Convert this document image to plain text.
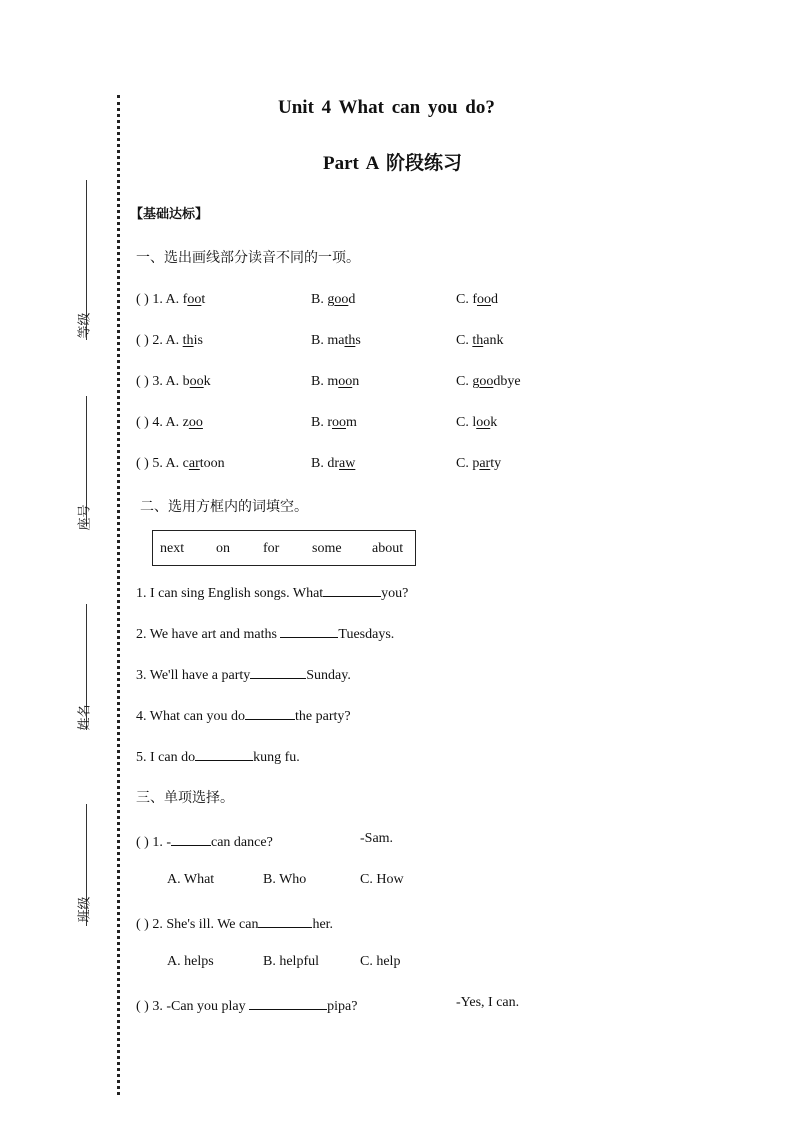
等级
座号
姓名
班级
Unit 4 What can you do?
Part A 阶段练习
【基础达标】
一、选出画线部分读音不同的一项。
( ) 1. A. foot	B. good	C. food
( ) 2. A. this	B. maths	C. thank
( ) 3. A. book	B. moon	C. goodbye
( ) 4. A. zoo	B. room	C. look
( ) 5. A. cartoon	B. draw	C. party
二、选用方框内的词填空。
next on for some about
1. I can sing English songs. What	you?
2. We have art and maths	Tuesdays.
3. We'll have a party	Sunday.
4. What can you do	the party?
5. I can do	kung fu.
三、单项选择。
( ) 1. -	can dance?	-Sam.
A. What	B. Who	C. How
( ) 2. She's ill. We can	her.
A. helps	B. helpful	C. help
( ) 3. -Can you play	pipa?	-Yes, I can.
